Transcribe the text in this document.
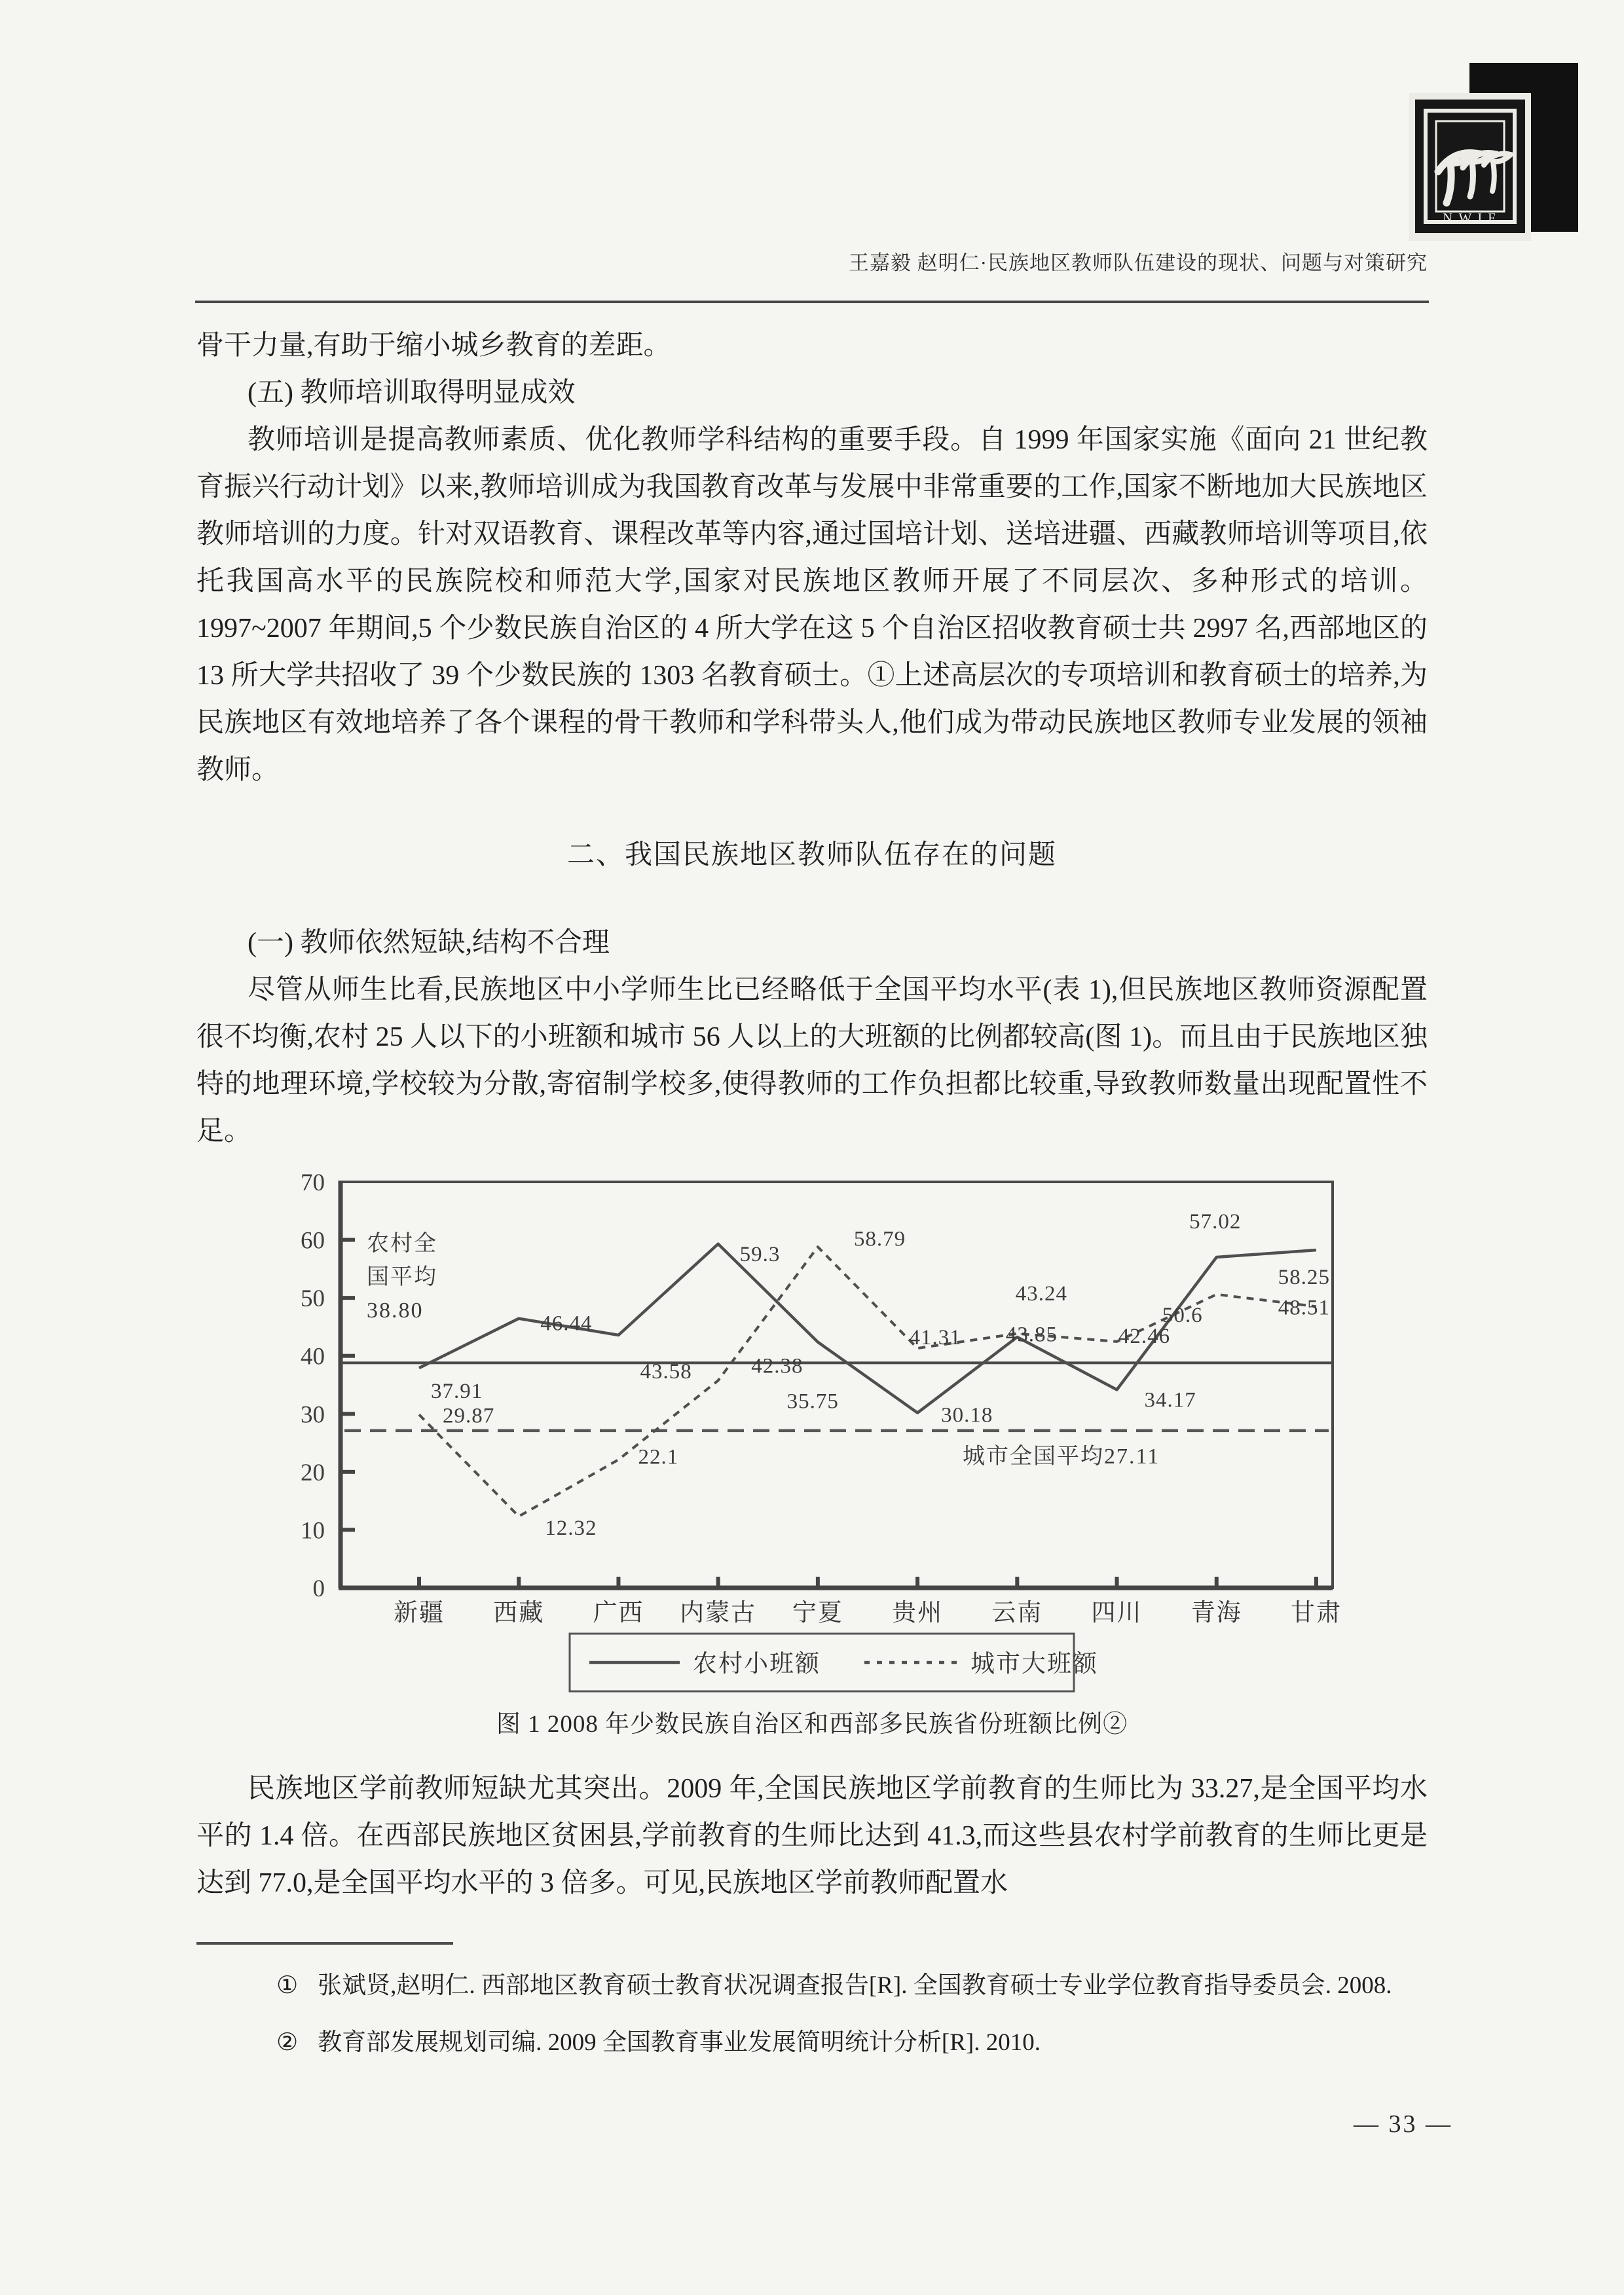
N.W.J.E
王嘉毅 赵明仁·民族地区教师队伍建设的现状、问题与对策研究

骨干力量,有助于缩小城乡教育的差距。

(五) 教师培训取得明显成效

教师培训是提高教师素质、优化教师学科结构的重要手段。自 1999 年国家实施《面向 21 世纪教育振兴行动计划》以来,教师培训成为我国教育改革与发展中非常重要的工作,国家不断地加大民族地区教师培训的力度。针对双语教育、课程改革等内容,通过国培计划、送培进疆、西藏教师培训等项目,依托我国高水平的民族院校和师范大学,国家对民族地区教师开展了不同层次、多种形式的培训。1997~2007 年期间,5 个少数民族自治区的 4 所大学在这 5 个自治区招收教育硕士共 2997 名,西部地区的 13 所大学共招收了 39 个少数民族的 1303 名教育硕士。①上述高层次的专项培训和教育硕士的培养,为民族地区有效地培养了各个课程的骨干教师和学科带头人,他们成为带动民族地区教师专业发展的领袖教师。

二、我国民族地区教师队伍存在的问题

(一) 教师依然短缺,结构不合理

尽管从师生比看,民族地区中小学师生比已经略低于全国平均水平(表 1),但民族地区教师资源配置很不均衡,农村 25 人以下的小班额和城市 56 人以上的大班额的比例都较高(图 1)。而且由于民族地区独特的地理环境,学校较为分散,寄宿制学校多,使得教师的工作负担都比较重,导致教师数量出现配置性不足。

0
10
20
30
40
50
60
70
新疆 西藏 广西 内蒙古 宁夏 贵州 云南 四川 青海 甘肃
农村全
国平均
38.80
城市全国平均27.11
37.91
46.44
43.58
59.3
42.38
30.18
43.24
34.17
57.02
58.25
29.87
12.32
22.1
35.75
58.79
41.31 43.85	42.46
50.6	48.51
农村小班额	城市大班额
图 1 2008 年少数民族自治区和西部多民族省份班额比例②

民族地区学前教师短缺尤其突出。2009 年,全国民族地区学前教育的生师比为 33.27,是全国平均水平的 1.4 倍。在西部民族地区贫困县,学前教育的生师比达到 41.3,而这些县农村学前教育的生师比更是达到 77.0,是全国平均水平的 3 倍多。可见,民族地区学前教师配置水

① 张斌贤,赵明仁. 西部地区教育硕士教育状况调查报告[R]. 全国教育硕士专业学位教育指导委员会. 2008.

② 教育部发展规划司编. 2009 全国教育事业发展简明统计分析[R]. 2010.

— 33 —
